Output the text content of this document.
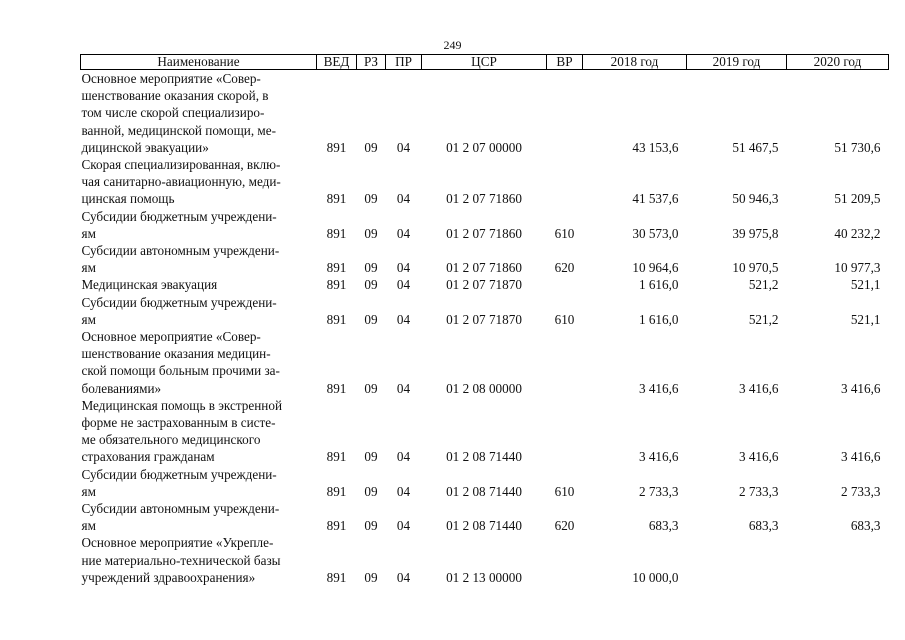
249
Наименование	ВЕД	РЗ	ПР	ЦСР	ВР	2018 год	2019 год	2020 год
Основное мероприятие «Совер-
шенствование оказания скорой, в
том числе скорой специализиро-
ванной, медицинской помощи, ме-
дицинской эвакуации»	891	09	04	01 2 07 00000		43 153,6	51 467,5	51 730,6
Скорая специализированная, вклю-
чая санитарно-авиационную, меди-
цинская помощь	891	09	04	01 2 07 71860		41 537,6	50 946,3	51 209,5
Субсидии бюджетным учреждени-
ям	891	09	04	01 2 07 71860	610	30 573,0	39 975,8	40 232,2
Субсидии автономным учреждени-
ям	891	09	04	01 2 07 71860	620	10 964,6	10 970,5	10 977,3
Медицинская эвакуация	891	09	04	01 2 07 71870		1 616,0	521,2	521,1
Субсидии бюджетным учреждени-
ям	891	09	04	01 2 07 71870	610	1 616,0	521,2	521,1
Основное мероприятие «Совер-
шенствование оказания медицин-
ской помощи больным прочими за-
болеваниями»	891	09	04	01 2 08 00000		3 416,6	3 416,6	3 416,6
Медицинская помощь в экстренной
форме не застрахованным в систе-
ме обязательного медицинского
страхования гражданам	891	09	04	01 2 08 71440		3 416,6	3 416,6	3 416,6
Субсидии бюджетным учреждени-
ям	891	09	04	01 2 08 71440	610	2 733,3	2 733,3	2 733,3
Субсидии автономным учреждени-
ям	891	09	04	01 2 08 71440	620	683,3	683,3	683,3
Основное мероприятие «Укрепле-
ние материально-технической базы
учреждений здравоохранения»	891	09	04	01 2 13 00000		10 000,0		
